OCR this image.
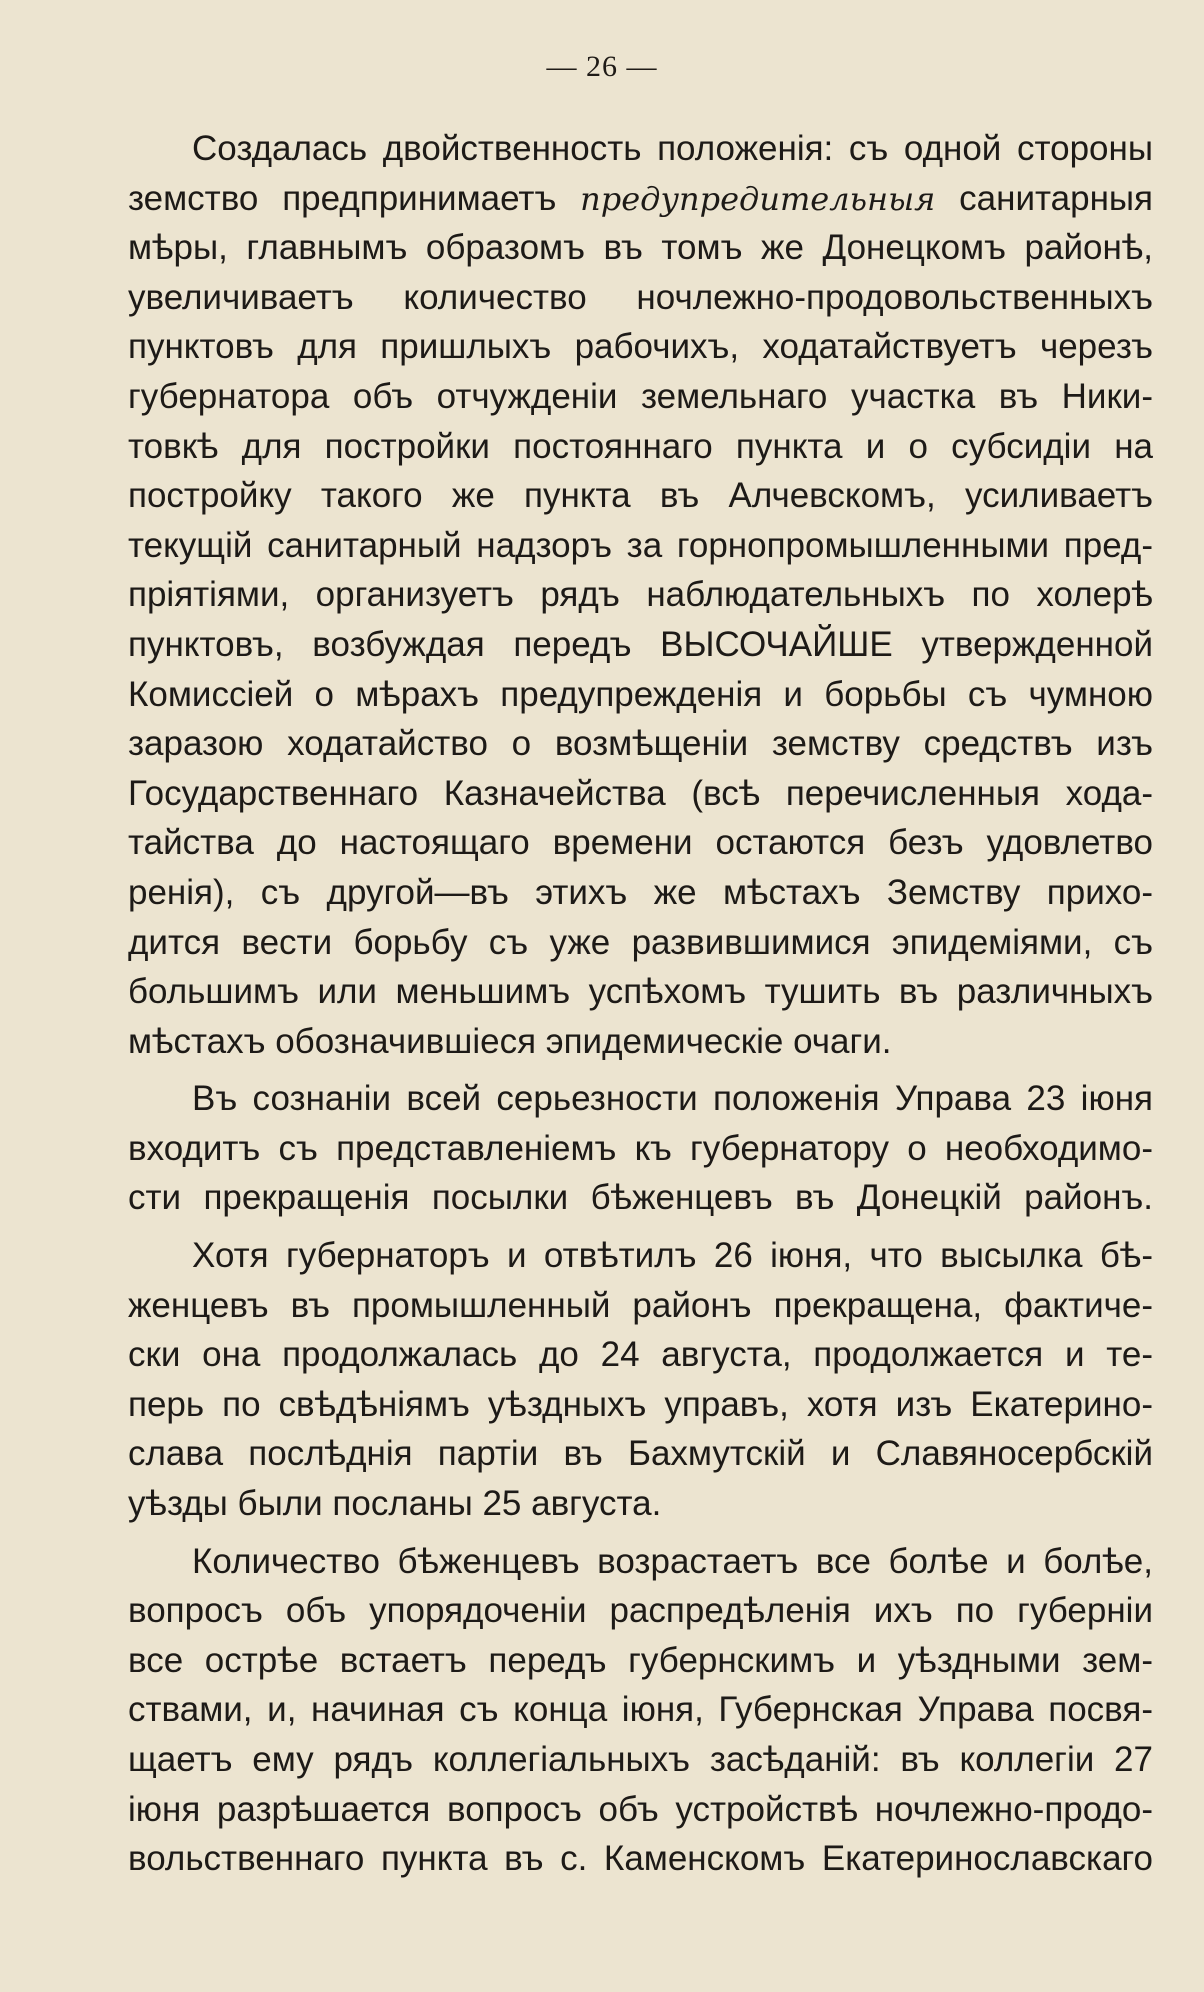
— 26 —
Создалась двойственность положенія: съ одной стороны
земство предпринимаетъ предупредительныя санитарныя
мѣры, главнымъ образомъ въ томъ же Донецкомъ районѣ,
увеличиваетъ количество ночлежно-продовольственныхъ
пунктовъ для пришлыхъ рабочихъ, ходатайствуетъ черезъ
губернатора объ отчужденіи земельнаго участка въ Ники-
товкѣ для постройки постояннаго пункта и о субсидіи на
постройку такого же пункта въ Алчевскомъ, усиливаетъ
текущій санитарный надзоръ за горнопромышленными пред-
пріятіями, организуетъ рядъ наблюдательныхъ по холерѣ
пунктовъ, возбуждая передъ ВЫСОЧАЙШЕ утвержденной
Комиссіей о мѣрахъ предупрежденія и борьбы съ чумною
заразою ходатайство о возмѣщеніи земству средствъ изъ
Государственнаго Казначейства (всѣ перечисленныя хода-
тайства до настоящаго времени остаются безъ удовлетво
ренія), съ другой—въ этихъ же мѣстахъ Земству прихо-
дится вести борьбу съ уже развившимися эпидеміями, съ
большимъ или меньшимъ успѣхомъ тушить въ различныхъ
мѣстахъ обозначившіеся эпидемическіе очаги.
Въ сознаніи всей серьезности положенія Управа 23 іюня
входитъ съ представленіемъ къ губернатору о необходимо-
сти прекращенія посылки бѣженцевъ въ Донецкій районъ.
Хотя губернаторъ и отвѣтилъ 26 іюня, что высылка бѣ-
женцевъ въ промышленный районъ прекращена, фактиче-
ски она продолжалась до 24 августа, продолжается и те-
перь по свѣдѣніямъ уѣздныхъ управъ, хотя изъ Екатерино-
слава послѣднія партіи въ Бахмутскій и Славяносербскій
уѣзды были посланы 25 августа.
Количество бѣженцевъ возрастаетъ все болѣе и болѣе,
вопросъ объ упорядоченіи распредѣленія ихъ по губерніи
все острѣе встаетъ передъ губернскимъ и уѣздными зем-
ствами, и, начиная съ конца іюня, Губернская Управа посвя-
щаетъ ему рядъ коллегіальныхъ засѣданій: въ коллегіи 27
іюня разрѣшается вопросъ объ устройствѣ ночлежно-продо-
вольственнаго пункта въ с. Каменскомъ Екатеринославскаго
